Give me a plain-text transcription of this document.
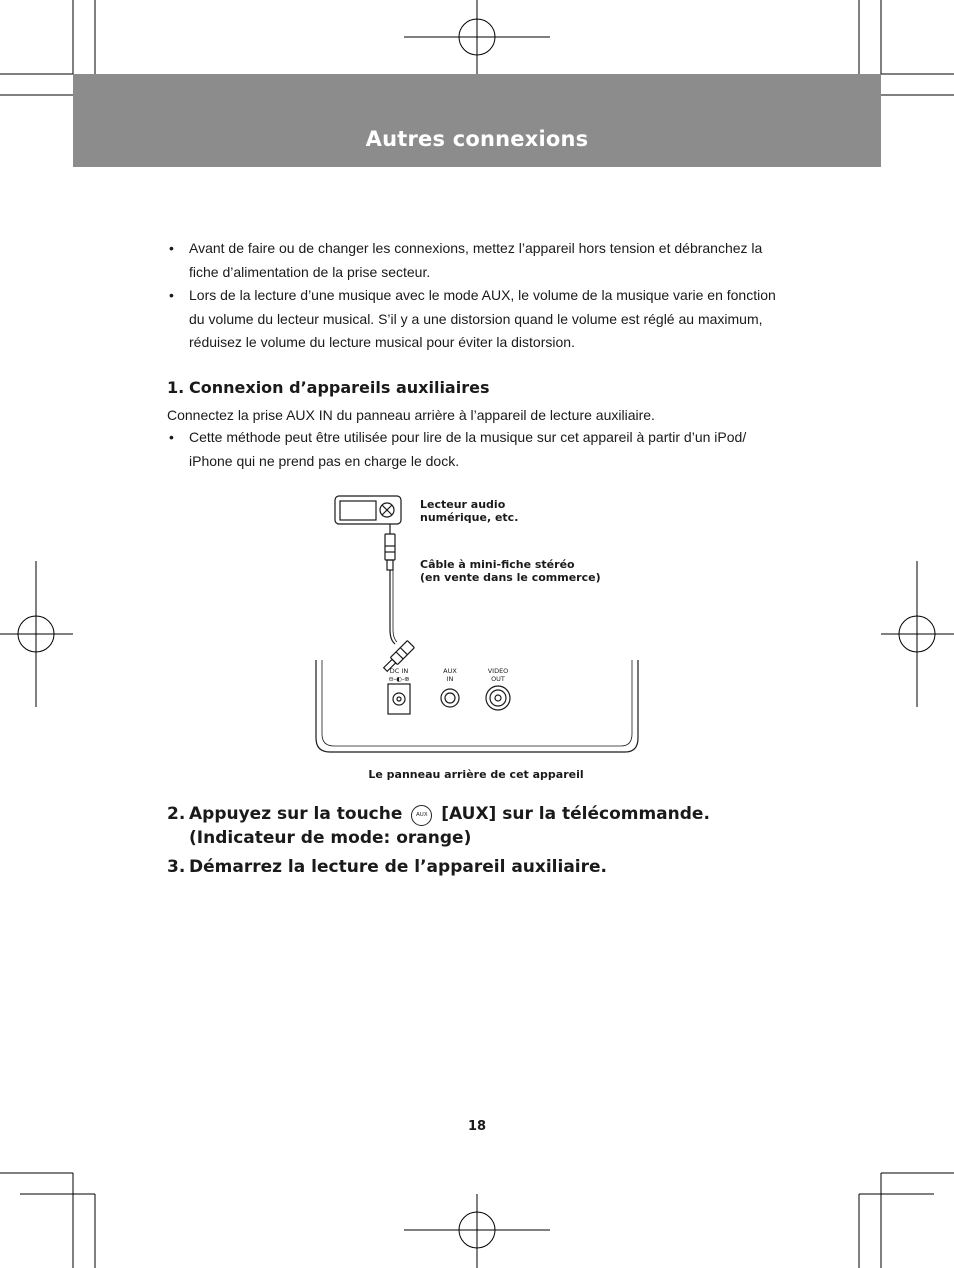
Autres connexions
• Avant de faire ou de changer les connexions, mettez l’appareil hors tension et débranchez la fiche d’alimentation de la prise secteur.
• Lors de la lecture d’une musique avec le mode AUX, le volume de la musique varie en fonction du volume du lecteur musical. S’il y a une distorsion quand le volume est réglé au maximum, réduisez le volume du lecture musical pour éviter la distorsion.
1. Connexion d’appareils auxiliaires

Connectez la prise AUX IN du panneau arrière à l’appareil de lecture auxiliaire.

• Cette méthode peut être utilisée pour lire de la musique sur cet appareil à partir d’un iPod/ iPhone qui ne prend pas en charge le dock.
Lecteur audio
numérique, etc.
Câble à mini-fiche stéréo
(en vente dans le commerce)
DC IN
⊖-◐-⊕
AUX
IN
VIDEO
OUT
Le panneau arrière de cet appareil
2. Appuyez sur la touche AUX [AUX] sur la télécommande. (Indicateur de mode: orange)
3. Démarrez la lecture de l’appareil auxiliaire.
18
